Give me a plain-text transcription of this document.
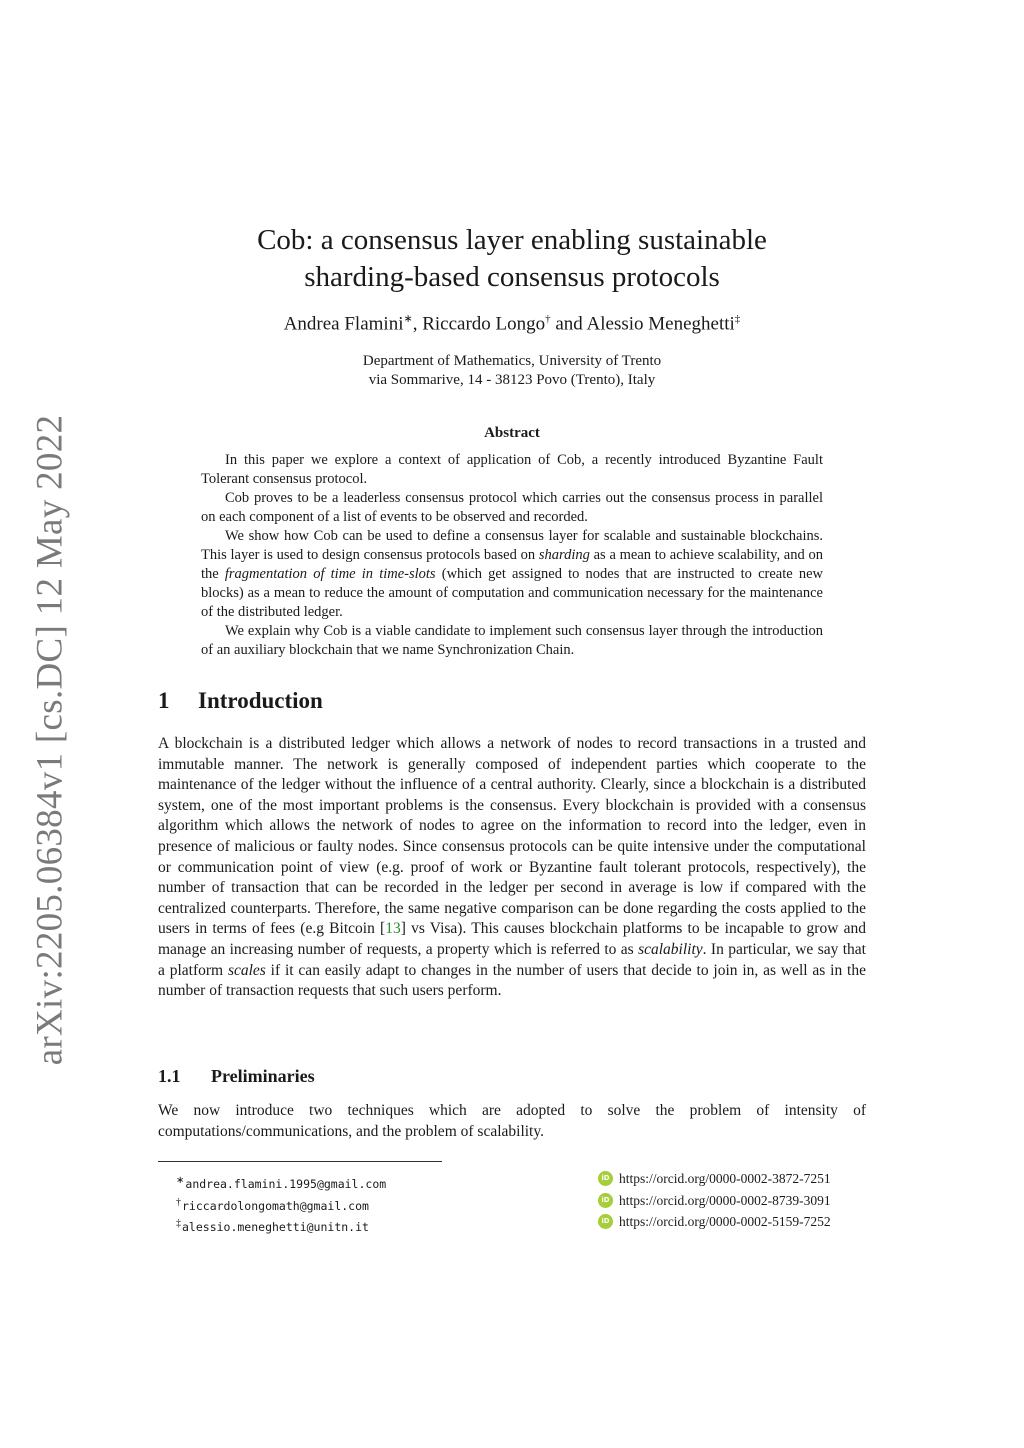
arXiv:2205.06384v1 [cs.DC] 12 May 2022
Cob: a consensus layer enabling sustainable
sharding-based consensus protocols
Andrea Flamini∗, Riccardo Longo† and Alessio Meneghetti‡
Department of Mathematics, University of Trento
via Sommarive, 14 - 38123 Povo (Trento), Italy
Abstract

In this paper we explore a context of application of Cob, a recently introduced Byzantine Fault Tolerant consensus protocol.

Cob proves to be a leaderless consensus protocol which carries out the consensus process in parallel on each component of a list of events to be observed and recorded.

We show how Cob can be used to define a consensus layer for scalable and sustainable blockchains. This layer is used to design consensus protocols based on sharding as a mean to achieve scalability, and on the fragmentation of time in time-slots (which get assigned to nodes that are instructed to create new blocks) as a mean to reduce the amount of computation and communication necessary for the maintenance of the distributed ledger.

We explain why Cob is a viable candidate to implement such consensus layer through the introduction of an auxiliary blockchain that we name Synchronization Chain.

1 Introduction

A blockchain is a distributed ledger which allows a network of nodes to record transactions in a trusted and immutable manner. The network is generally composed of independent parties which cooperate to the maintenance of the ledger without the influence of a central authority. Clearly, since a blockchain is a distributed system, one of the most important problems is the consensus. Every blockchain is provided with a consensus algorithm which allows the network of nodes to agree on the information to record into the ledger, even in presence of malicious or faulty nodes. Since consensus protocols can be quite intensive under the computational or communication point of view (e.g. proof of work or Byzantine fault tolerant protocols, respectively), the number of transaction that can be recorded in the ledger per second in average is low if compared with the centralized counterparts. Therefore, the same negative comparison can be done regarding the costs applied to the users in terms of fees (e.g Bitcoin [13] vs Visa). This causes blockchain platforms to be incapable to grow and manage an increasing number of requests, a property which is referred to as scalability. In particular, we say that a platform scales if it can easily adapt to changes in the number of users that decide to join in, as well as in the number of transaction requests that such users perform.

1.1 Preliminaries

We now introduce two techniques which are adopted to solve the problem of intensity of computations/communications, and the problem of scalability.

∗andrea.flamini.1995@gmail.com
†riccardolongomath@gmail.com
‡alessio.meneghetti@unitn.it
iD https://orcid.org/0000-0002-3872-7251
iD https://orcid.org/0000-0002-8739-3091
iD https://orcid.org/0000-0002-5159-7252
